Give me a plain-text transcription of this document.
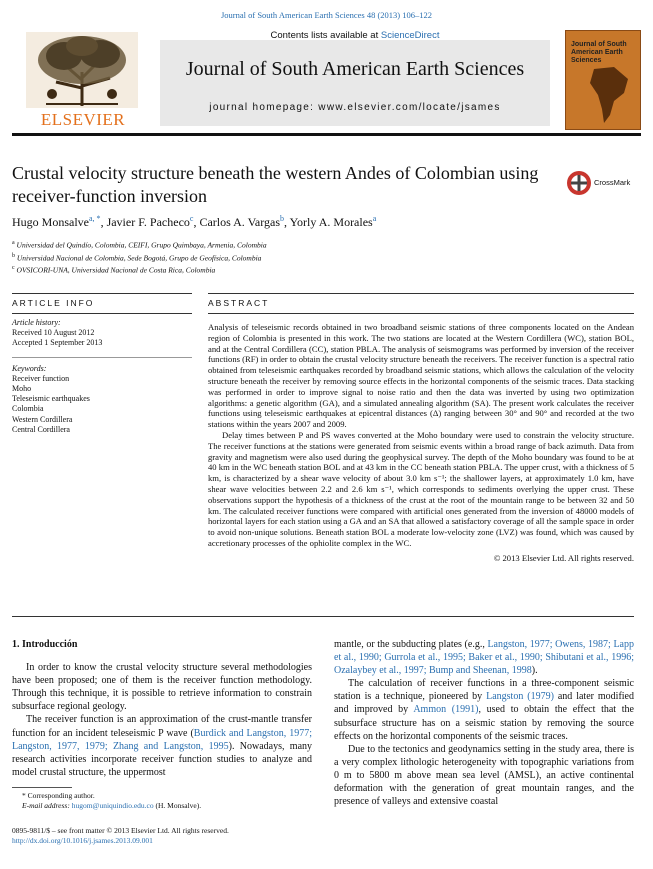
Journal of South American Earth Sciences 48 (2013) 106–122
ELSEVIER
Contents lists available at ScienceDirect
Journal of South American Earth Sciences
journal homepage: www.elsevier.com/locate/jsames
Journal of South American Earth Sciences
Crustal velocity structure beneath the western Andes of Colombian using receiver-function inversion
CrossMark
Hugo Monsalve$^{a, *}$, Javier F. Pacheco$^c$, Carlos A. Vargas$^b$, Yorly A. Morales$^a$
$^a$ Universidad del Quindío, Colombia, CEIFI, Grupo Quimbaya, Armenia, Colombia
$^b$ Universidad Nacional de Colombia, Sede Bogotá, Grupo de Geofísica, Colombia
$^c$ OVSICORI-UNA, Universidad Nacional de Costa Rica, Colombia
ARTICLE INFO	ABSTRACT
Article history:
Received 10 August 2012
Accepted 1 September 2013
Keywords:
Receiver function
Moho
Teleseismic earthquakes
Colombia
Western Cordillera
Central Cordillera

Analysis of teleseismic records obtained in two broadband seismic stations of three components located on the Andean region of Colombia is presented in this work. The two stations are located at the Western Cordillera (WC), station BOL, and at the Central Cordillera (CC), station PBLA. The analysis of seismograms was performed by inversion of the receiver functions (RF) in order to obtain the crustal velocity structure beneath the receivers. The receiver function is a spectral ratio obtained from teleseismic earthquakes recorded by broadband seismic stations, which allows the calculation of the velocity structure beneath the receiver by removing source effects in the horizontal components of the seismic traces. Data stacking was performed in order to improve signal to noise ratio and then the data was inverted by using two optimization algorithms: a genetic algorithm (GA), and a simulated annealing algorithm (SA). The present work calculates the receiver functions using teleseismic earthquakes at epicentral distances (Δ) ranging between 30° and 90° and recorded at the two stations within the years 2007 and 2009.

Delay times between P and PS waves converted at the Moho boundary were used to constrain the velocity structure. The receiver functions at the stations were generated from seismic events within a broad range of back azimuth. Data from gravity and magnetism were also used during the geophysical survey. The depth of the Moho boundary was found to be at 40 km in the WC beneath station BOL and at 43 km in the CC beneath station PBLA. The upper crust, with a thickness of 5 km, is characterized by a shear wave velocity of about 3.0 km s⁻¹; the shallower layers, at approximately 1.0 km, have shear wave velocities between 2.2 and 2.6 km s⁻¹, which corresponds to sediments overlying the upper crust. These observations support the hypothesis of a thickness of the crust at the root of the mountain range to be between 32 and 50 km. The calculated receiver functions were compared with artificial ones generated from the inversion of 48000 models of horizontal layers for each station using a GA and an SA that allowed a satisfactory coverage of all the sample space in order to avoid non-unique solutions. Beneath station BOL a moderate low-velocity zone (LVZ) was found, which was caused by accretionary processes of the ophiolite complex in the WC.

© 2013 Elsevier Ltd. All rights reserved.
1. Introducción

In order to know the crustal velocity structure several methodologies have been proposed; one of them is the receiver function methodology. Through this technique, it is possible to retrieve information to constrain subsurface regional geology.

The receiver function is an approximation of the crust-mantle transfer function for an incident teleseismic P wave (Burdick and Langston, 1977; Langston, 1977, 1979; Zhang and Langston, 1995). Nowadays, many research activities incorporate receiver function studies to analyze and model crustal structure, the uppermost

mantle, or the subducting plates (e.g., Langston, 1977; Owens, 1987; Lapp et al., 1990; Gurrola et al., 1995; Baker et al., 1990; Shibutani et al., 1996; Ozalaybey et al., 1997; Bump and Sheenan, 1998).

The calculation of receiver functions in a three-component seismic station is a technique, pioneered by Langston (1979) and later modified and improved by Ammon (1991), used to obtain the effect that the subsurface structure has on a seismic station by removing the source effects on the horizontal components of the seismic traces.

Due to the tectonics and geodynamics setting in the study area, there is a very complex lithologic heterogeneity with topographic variations from 0 m to 5800 m above mean sea level (AMSL), an active continental deformation with the generation of great mountain ranges, and the presence of valleys and extensive coastal

* Corresponding author.
E-mail address: hugom@uniquindio.edu.co (H. Monsalve).
0895-9811/$ – see front matter © 2013 Elsevier Ltd. All rights reserved.
http://dx.doi.org/10.1016/j.jsames.2013.09.001
